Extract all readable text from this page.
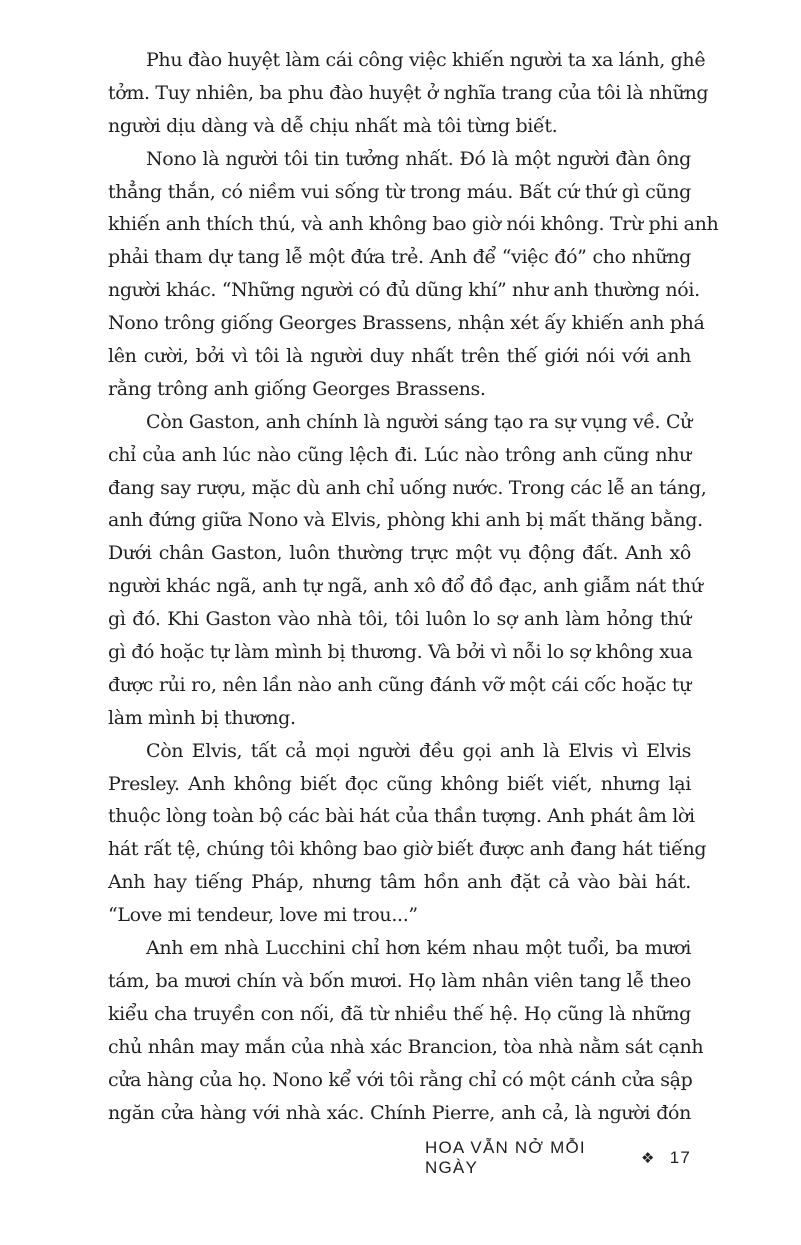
Phu đào huyệt làm cái công việc khiến người ta xa lánh, ghê
tởm. Tuy nhiên, ba phu đào huyệt ở nghĩa trang của tôi là những
người dịu dàng và dễ chịu nhất mà tôi từng biết.
Nono là người tôi tin tưởng nhất. Đó là một người đàn ông
thẳng thắn, có niềm vui sống từ trong máu. Bất cứ thứ gì cũng
khiến anh thích thú, và anh không bao giờ nói không. Trừ phi anh
phải tham dự tang lễ một đứa trẻ. Anh để “việc đó” cho những
người khác. “Những người có đủ dũng khí” như anh thường nói.
Nono trông giống Georges Brassens, nhận xét ấy khiến anh phá
lên cười, bởi vì tôi là người duy nhất trên thế giới nói với anh
rằng trông anh giống Georges Brassens.
Còn Gaston, anh chính là người sáng tạo ra sự vụng về. Cử
chỉ của anh lúc nào cũng lệch đi. Lúc nào trông anh cũng như
đang say rượu, mặc dù anh chỉ uống nước. Trong các lễ an táng,
anh đứng giữa Nono và Elvis, phòng khi anh bị mất thăng bằng.
Dưới chân Gaston, luôn thường trực một vụ động đất. Anh xô
người khác ngã, anh tự ngã, anh xô đổ đồ đạc, anh giẫm nát thứ
gì đó. Khi Gaston vào nhà tôi, tôi luôn lo sợ anh làm hỏng thứ
gì đó hoặc tự làm mình bị thương. Và bởi vì nỗi lo sợ không xua
được rủi ro, nên lần nào anh cũng đánh vỡ một cái cốc hoặc tự
làm mình bị thương.
Còn Elvis, tất cả mọi người đều gọi anh là Elvis vì Elvis
Presley. Anh không biết đọc cũng không biết viết, nhưng lại
thuộc lòng toàn bộ các bài hát của thần tượng. Anh phát âm lời
hát rất tệ, chúng tôi không bao giờ biết được anh đang hát tiếng
Anh hay tiếng Pháp, nhưng tâm hồn anh đặt cả vào bài hát.
“Love mi tendeur, love mi trou...”
Anh em nhà Lucchini chỉ hơn kém nhau một tuổi, ba mươi
tám, ba mươi chín và bốn mươi. Họ làm nhân viên tang lễ theo
kiểu cha truyền con nối, đã từ nhiều thế hệ. Họ cũng là những
chủ nhân may mắn của nhà xác Brancion, tòa nhà nằm sát cạnh
cửa hàng của họ. Nono kể với tôi rằng chỉ có một cánh cửa sập
ngăn cửa hàng với nhà xác. Chính Pierre, anh cả, là người đón
HOA VẪN NỞ MỖI NGÀY	❖ 17
